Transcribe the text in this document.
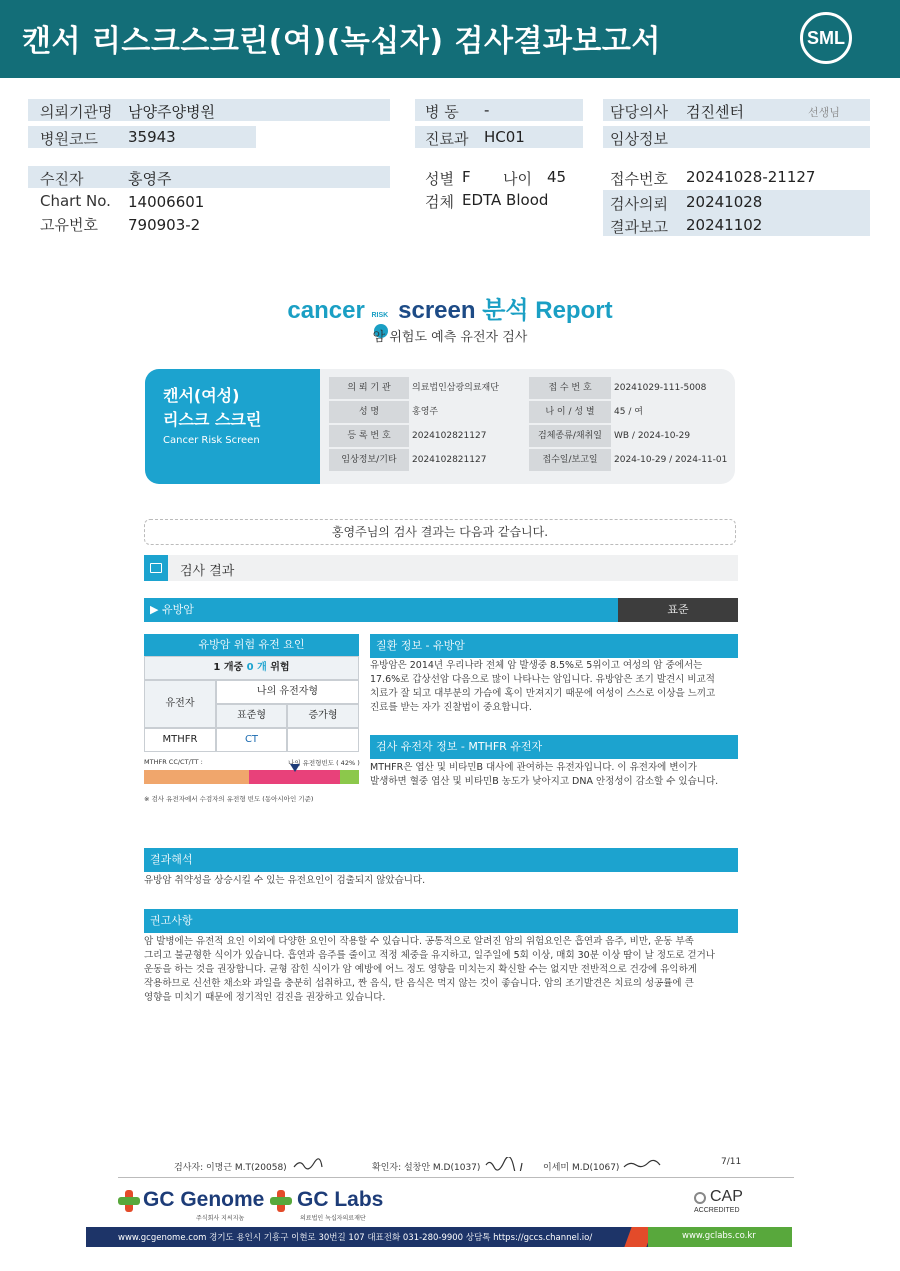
캔서 리스크스크린(여)(녹십자) 검사결과보고서	SML
의뢰기관명 남양주양병원
병원코드 35943
병 동 -
진료과 HC01
담당의사 검진센터	선생님
임상정보
수진자	홍영주
Chart No. 14006601
고유번호 790903-2
성별 F 나이 45
검체 EDTA Blood
접수번호 20241028-21127
검사의뢰 20241028
결과보고 20241102
cancer RISK screen 분석 Report
암 위험도 예측 유전자 검사
캔서(여성)
리스크 스크린
Cancer Risk Screen
의 뢰 기 관	의료법인삼광의료재단	접 수 번 호	20241029-111-5008
성 명	홍영주	나 이 / 성 별	45 / 여
등 록 번 호	2024102821127	검체종류/채취일	WB / 2024-10-29
임상정보/기타	2024102821127	접수일/보고일	2024-10-29 / 2024-11-01
홍영주님의 검사 결과는 다음과 같습니다.
검사 결과
▶ 유방암	표준
유방암 위험 유전 요인
1 개중 0 개 위험
유전자
나의 유전자형
표준형	증가형
MTHFR	CT
MTHFR CC/CT/TT :	나의 유전형빈도 ( 42% )
※ 검사 유전자에서 수검자의 유전형 빈도 (동아시아인 기준)
질환 정보 - 유방암
유방암은 2014년 우리나라 전체 암 발생중 8.5%로 5위이고 여성의 암 중에서는
17.6%로 갑상선암 다음으로 많이 나타나는 암입니다. 유방암은 조기 발견시 비교적
치료가 잘 되고 대부분의 가슴에 혹이 만져지기 때문에 여성이 스스로 이상을 느끼고
진료를 받는 자가 진찰법이 중요합니다.
검사 유전자 정보 - MTHFR 유전자
MTHFR은 엽산 및 비타민B 대사에 관여하는 유전자입니다. 이 유전자에 변이가
발생하면 혈중 엽산 및 비타민B 농도가 낮아지고 DNA 안정성이 감소할 수 있습니다.
결과해석
유방암 취약성을 상승시킬 수 있는 유전요인이 검출되지 않았습니다.
권고사항
암 발병에는 유전적 요인 이외에 다양한 요인이 작용할 수 있습니다. 공통적으로 알려진 암의 위험요인은 흡연과 음주, 비만, 운동 부족
그리고 불균형한 식이가 있습니다. 흡연과 음주를 줄이고 적정 체중을 유지하고, 일주일에 5회 이상, 매회 30분 이상 땀이 날 정도로 걷거나
운동을 하는 것을 권장합니다. 균형 잡힌 식이가 암 예방에 어느 정도 영향을 미치는지 확신할 수는 없지만 전반적으로 건강에 유익하게
작용하므로 신선한 채소와 과일을 충분히 섭취하고, 짠 음식, 탄 음식은 먹지 않는 것이 좋습니다. 암의 조기발견은 치료의 성공률에 큰
영향을 미치기 때문에 정기적인 검진을 권장하고 있습니다.
검사자: 이명근 M.T(20058)	확인자: 설창안 M.D(1037)	이세미 M.D(1067)
7/11
GC Genome
주식회사 지씨지놈
GC Labs
의료법인 녹십자의료재단
CAP
ACCREDITED
www.gcgenome.com 경기도 용인시 기흥구 이현로 30번길 107 대표전화 031-280-9900 상담톡 https://gccs.channel.io/	www.gclabs.co.kr
